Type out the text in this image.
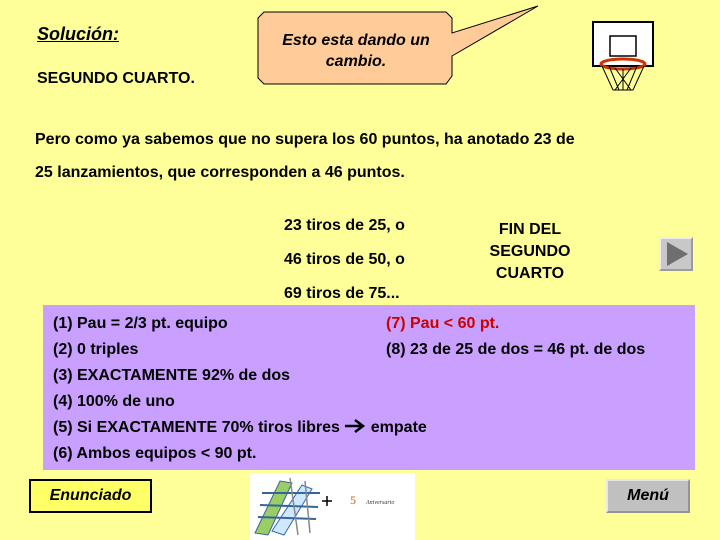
Solución:
SEGUNDO CUARTO.
Esto esta dando un
cambio.
Pero como ya sabemos que no supera los 60 puntos, ha anotado 23 de
25 lanzamientos, que corresponden a 46 puntos.
23 tiros de 25, o
46 tiros de 50, o
69 tiros de 75...
FIN DEL
SEGUNDO
CUARTO
(1) Pau = 2/3 pt. equipo
(2) 0 triples
(3) EXACTAMENTE 92% de dos
(4) 100% de uno
(5) Si EXACTAMENTE 70% tiros libres empate
(6) Ambos equipos < 90 pt.
(7) Pau < 60 pt.
(8) 23 de 25 de dos = 46 pt. de dos
Enunciado	5 Aniversario	Menú
